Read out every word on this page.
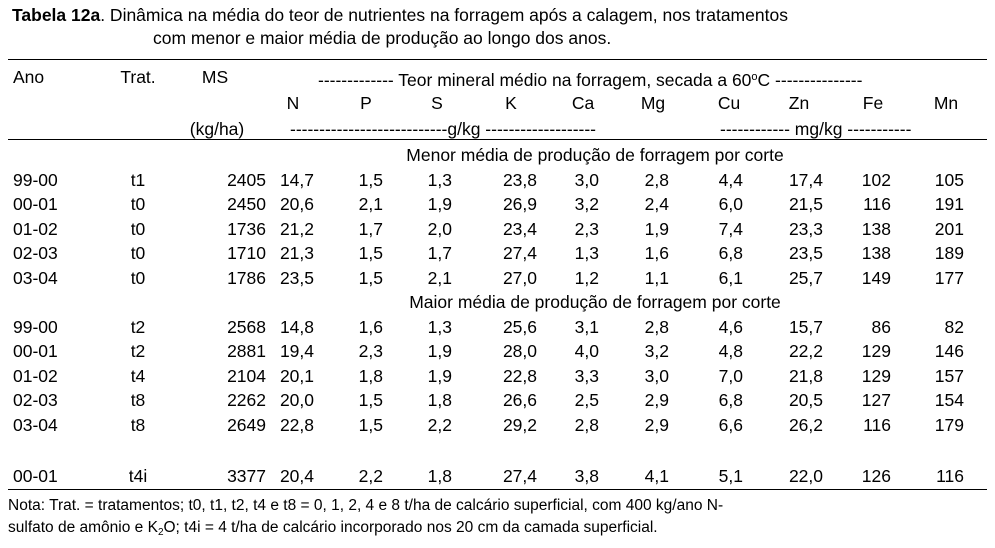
Tabela 12a. Dinâmica na média do teor de nutrientes na forragem após a calagem, nos tratamentos
com menor e maior média de produção ao longo dos anos.
Ano	Trat.	MS	------------- Teor mineral médio na forragem, secada a 60$^o$C ---------------
N	P	S	K	Ca	Mg	Cu	Zn	Fe	Mn
(kg/ha)	---------------------------g/kg -------------------	------------ mg/kg -----------
Menor média de produção de forragem por corte
99-00	t1	2405 14,7	1,5	1,3	23,8	3,0	2,8	4,4	17,4	102	105
00-01	t0	2450 20,6	2,1	1,9	26,9	3,2	2,4	6,0	21,5	116	191
01-02	t0	1736 21,2	1,7	2,0	23,4	2,3	1,9	7,4	23,3	138	201
02-03	t0	1710 21,3	1,5	1,7	27,4	1,3	1,6	6,8	23,5	138	189
03-04	t0	1786 23,5	1,5	2,1	27,0	1,2	1,1	6,1	25,7	149	177
Maior média de produção de forragem por corte
99-00	t2	2568 14,8	1,6	1,3	25,6	3,1	2,8	4,6	15,7	86	82
00-01	t2	2881 19,4	2,3	1,9	28,0	4,0	3,2	4,8	22,2	129	146
01-02	t4	2104 20,1	1,8	1,9	22,8	3,3	3,0	7,0	21,8	129	157
02-03	t8	2262 20,0	1,5	1,8	26,6	2,5	2,9	6,8	20,5	127	154
03-04	t8	2649 22,8	1,5	2,2	29,2	2,8	2,9	6,6	26,2	116	179
00-01	t4i	3377 20,4	2,2	1,8	27,4	3,8	4,1	5,1	22,0	126	116
Nota: Trat. = tratamentos; t0, t1, t2, t4 e t8 = 0, 1, 2, 4 e 8 t/ha de calcário superficial, com 400 kg/ano N-
sulfato de amônio e $K_2O$; t4i = 4 t/ha de calcário incorporado nos 20 cm da camada superficial.
